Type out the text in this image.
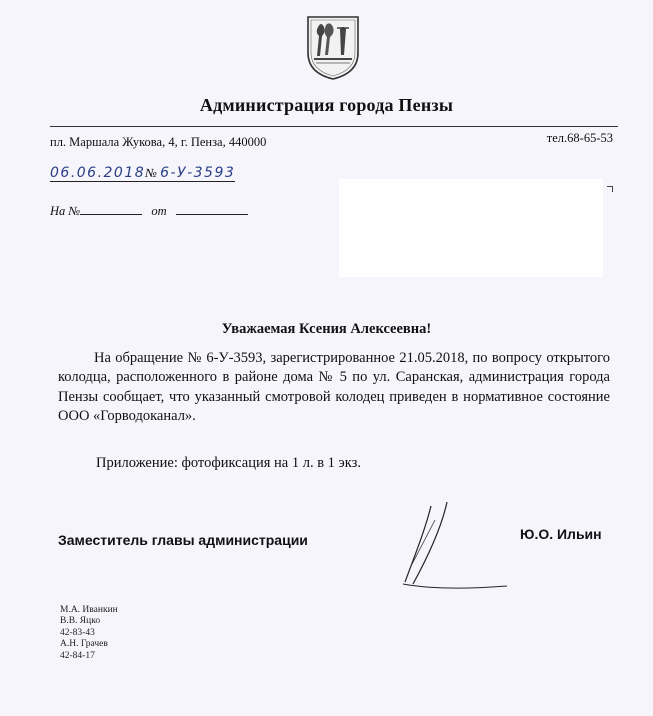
Администрация города Пензы
пл. Маршала Жукова, 4, г. Пенза, 440000	тел.68-65-53
06.06.2018№ 6-У-3593
На №	от
Уважаемая Ксения Алексеевна!
На обращение № 6-У-3593, зарегистрированное 21.05.2018, по вопросу открытого колодца, расположенного в районе дома № 5 по ул. Саранская, администрация города Пензы сообщает, что указанный смотровой колодец приведен в нормативное состояние ООО «Горводоканал».
Приложение: фотофиксация на 1 л. в 1 экз.
Заместитель главы администрации	Ю.О. Ильин
М.А. Иванкин
В.В. Яцко
42-83-43
А.Н. Грачев
42-84-17
